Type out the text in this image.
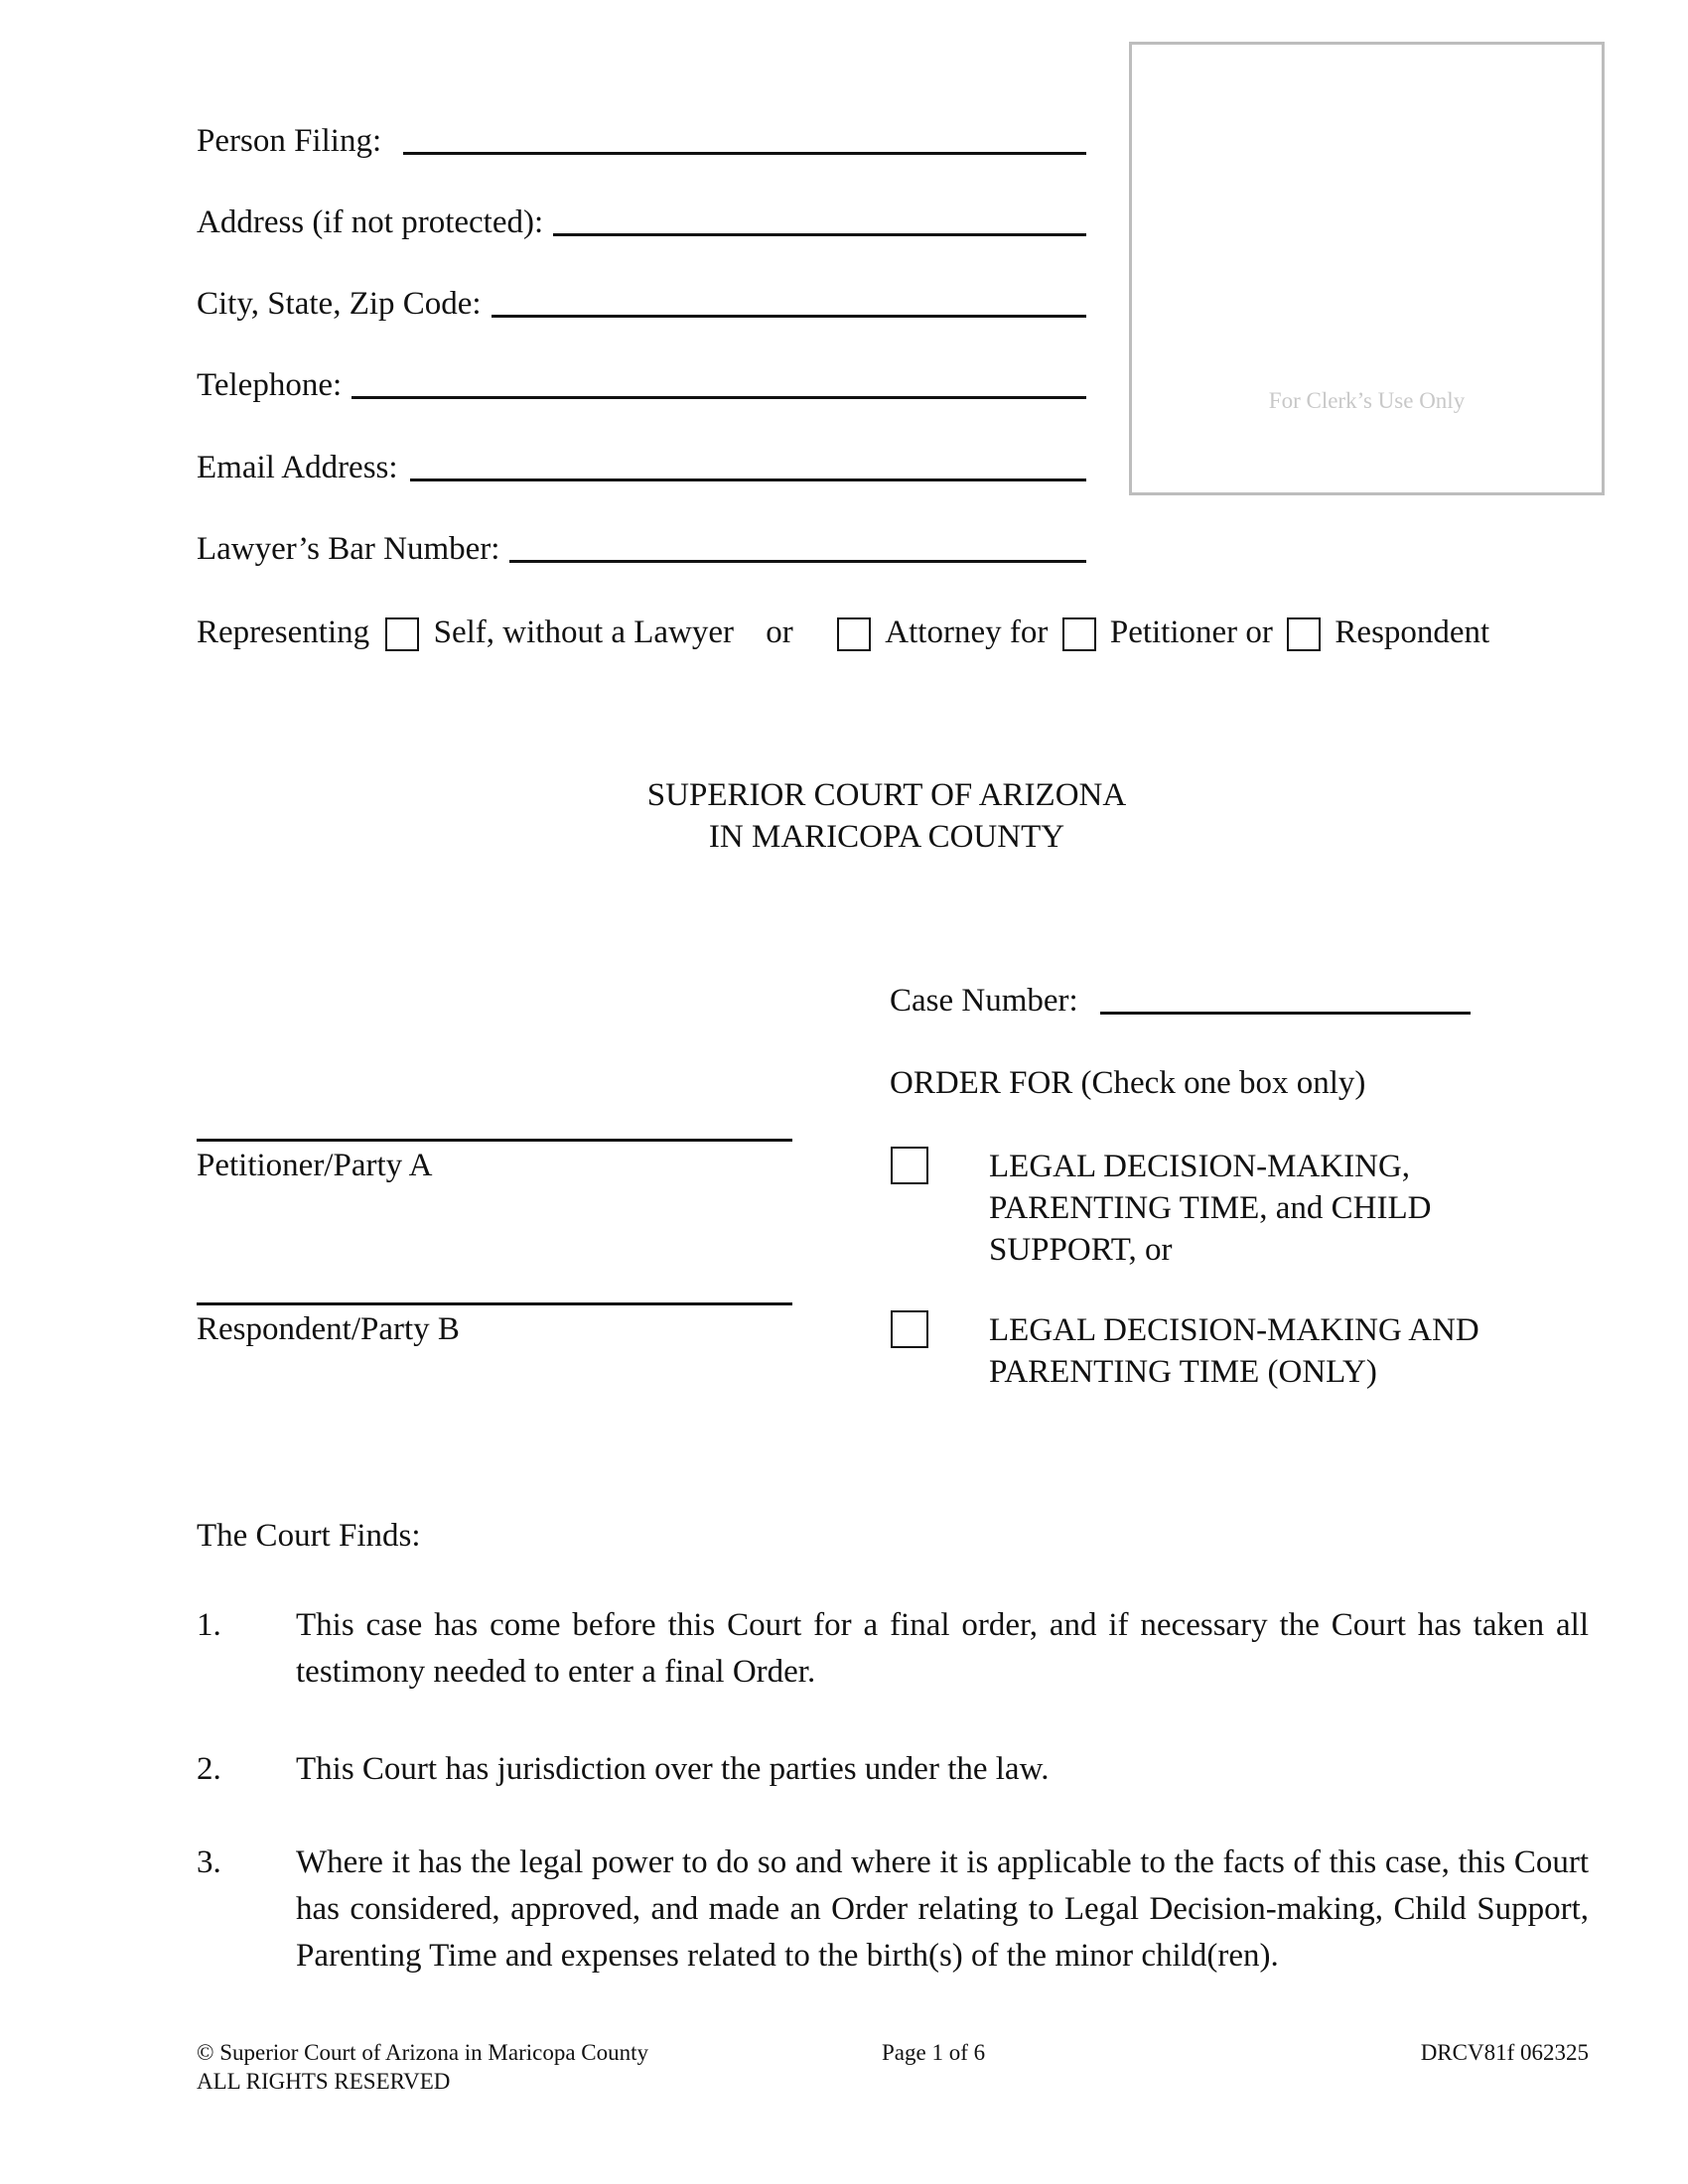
Person Filing:
Address (if not protected):
City, State, Zip Code:
Telephone:
Email Address:
Lawyer’s Bar Number:
For Clerk’s Use Only
Representing Self, without a Lawyer or	Attorney for Petitioner or Respondent
SUPERIOR COURT OF ARIZONA
IN MARICOPA COUNTY
Case Number:
ORDER FOR (Check one box only)
Petitioner/Party A
Respondent/Party B
LEGAL DECISION-MAKING,
PARENTING TIME, and CHILD
SUPPORT, or
LEGAL DECISION-MAKING AND
PARENTING TIME (ONLY)
The Court Finds:
1. This case has come before this Court for a final order, and if necessary the Court has taken all testimony needed to enter a final Order.
2. This Court has jurisdiction over the parties under the law.
3. Where it has the legal power to do so and where it is applicable to the facts of this case, this Court has considered, approved, and made an Order relating to Legal Decision-making, Child Support, Parenting Time and expenses related to the birth(s) of the minor child(ren).
© Superior Court of Arizona in Maricopa County
ALL RIGHTS RESERVED
Page 1 of 6	DRCV81f 062325
